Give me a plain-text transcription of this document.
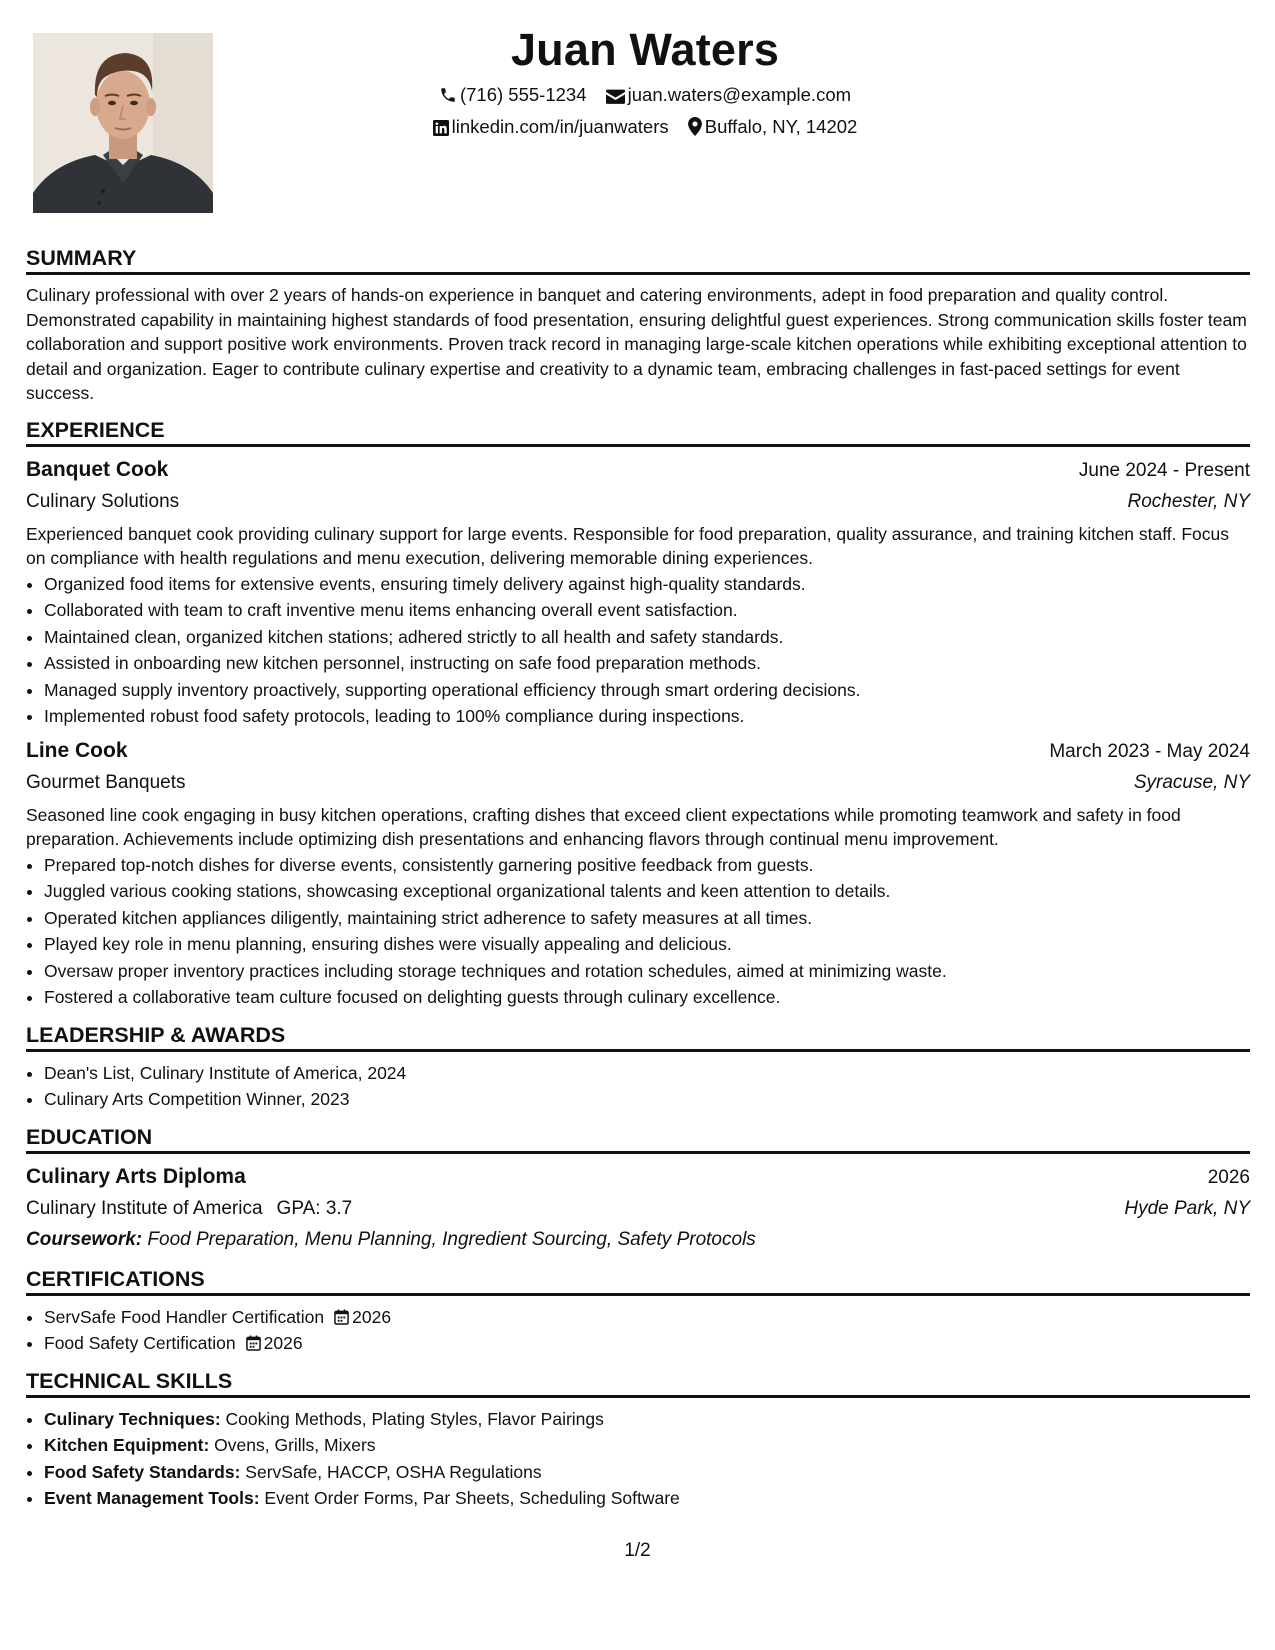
Juan Waters
(716) 555-1234 juan.waters@example.com
linkedin.com/in/juanwaters Buffalo, NY, 14202
SUMMARY

Culinary professional with over 2 years of hands-on experience in banquet and catering environments, adept in food preparation and quality control. Demonstrated capability in maintaining highest standards of food presentation, ensuring delightful guest experiences. Strong communication skills foster team collaboration and support positive work environments. Proven track record in managing large-scale kitchen operations while exhibiting exceptional attention to detail and organization. Eager to contribute culinary expertise and creativity to a dynamic team, embracing challenges in fast-paced settings for event success.

EXPERIENCE
Banquet Cook	June 2024 - Present
Culinary Solutions	Rochester, NY
Experienced banquet cook providing culinary support for large events. Responsible for food preparation, quality assurance, and training kitchen staff. Focus on compliance with health regulations and menu execution, delivering memorable dining experiences.
• Organized food items for extensive events, ensuring timely delivery against high-quality standards.
• Collaborated with team to craft inventive menu items enhancing overall event satisfaction.
• Maintained clean, organized kitchen stations; adhered strictly to all health and safety standards.
• Assisted in onboarding new kitchen personnel, instructing on safe food preparation methods.
• Managed supply inventory proactively, supporting operational efficiency through smart ordering decisions.
• Implemented robust food safety protocols, leading to 100% compliance during inspections.
Line Cook	March 2023 - May 2024
Gourmet Banquets	Syracuse, NY
Seasoned line cook engaging in busy kitchen operations, crafting dishes that exceed client expectations while promoting teamwork and safety in food preparation. Achievements include optimizing dish presentations and enhancing flavors through continual menu improvement.
• Prepared top-notch dishes for diverse events, consistently garnering positive feedback from guests.
• Juggled various cooking stations, showcasing exceptional organizational talents and keen attention to details.
• Operated kitchen appliances diligently, maintaining strict adherence to safety measures at all times.
• Played key role in menu planning, ensuring dishes were visually appealing and delicious.
• Oversaw proper inventory practices including storage techniques and rotation schedules, aimed at minimizing waste.
• Fostered a collaborative team culture focused on delighting guests through culinary excellence.
LEADERSHIP & AWARDS
• Dean's List, Culinary Institute of America, 2024
• Culinary Arts Competition Winner, 2023
EDUCATION
Culinary Arts Diploma	2026
Culinary Institute of America GPA: 3.7	Hyde Park, NY
Coursework: Food Preparation, Menu Planning, Ingredient Sourcing, Safety Protocols
CERTIFICATIONS
• ServSafe Food Handler Certification 2026
• Food Safety Certification 2026
TECHNICAL SKILLS
• Culinary Techniques: Cooking Methods, Plating Styles, Flavor Pairings
• Kitchen Equipment: Ovens, Grills, Mixers
• Food Safety Standards: ServSafe, HACCP, OSHA Regulations
• Event Management Tools: Event Order Forms, Par Sheets, Scheduling Software
1/2
